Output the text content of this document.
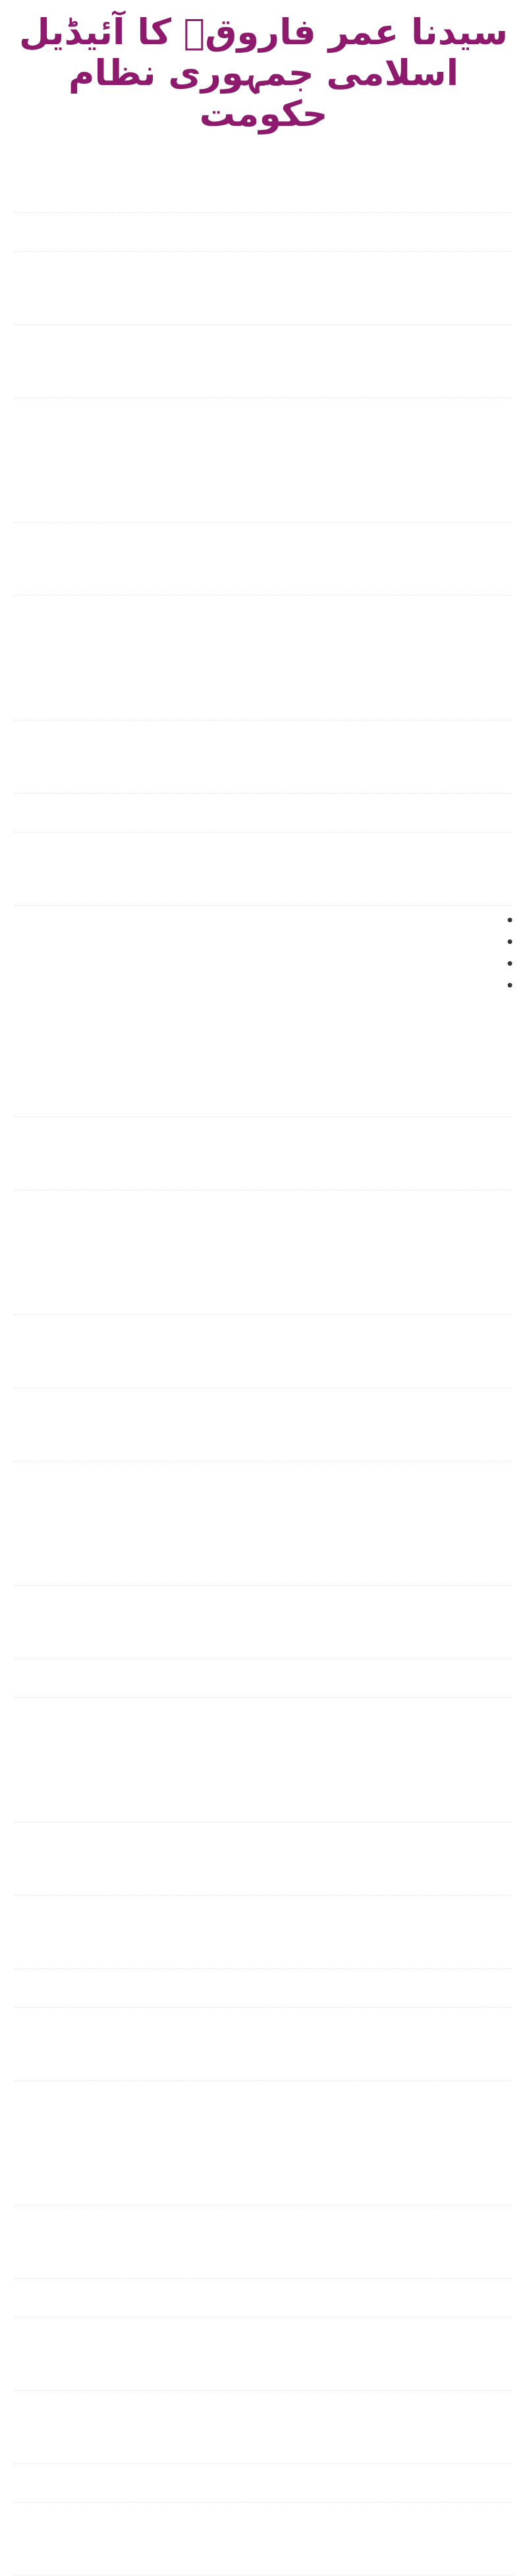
سیدنا عمر فاروقؓ کا آئیڈیل اسلامی جمہوری نظام حکومت

●

●

●

●
